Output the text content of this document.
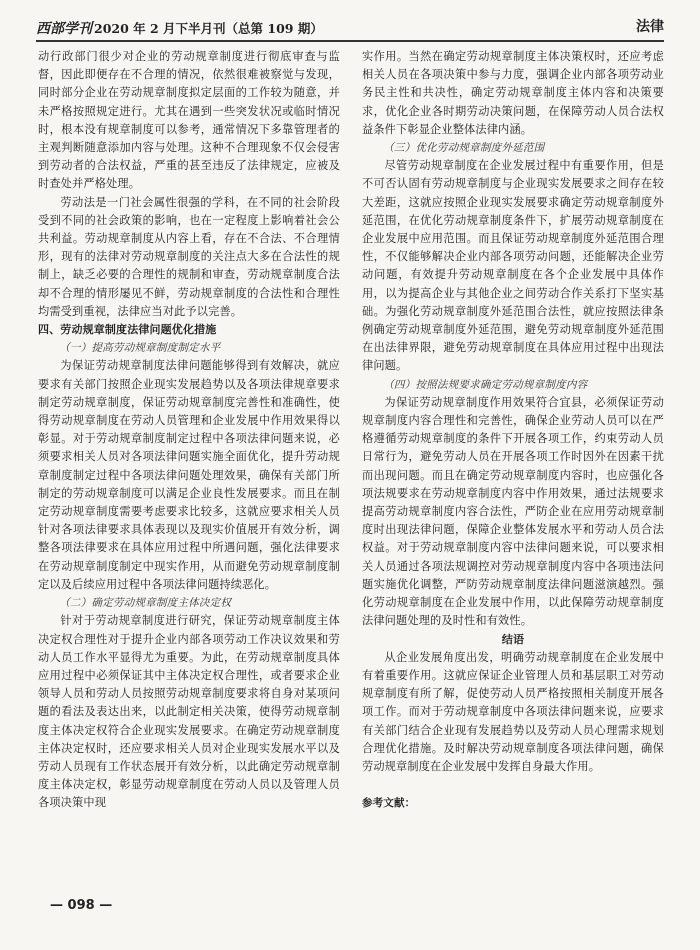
西部学刊 2020 年 2 月下半月刊（总第 109 期）	法律

动行政部门很少对企业的劳动规章制度进行彻底审查与监督，因此即便存在不合理的情况，依然很难被察觉与发现，同时部分企业在劳动规章制度拟定层面的工作较为随意，并未严格按照规定进行。尤其在遇到一些突发状况或临时情况时，根本没有规章制度可以参考，通常情况下多靠管理者的主观判断随意添加内容与处理。这种不合理现象不仅会侵害到劳动者的合法权益，严重的甚至违反了法律规定，应被及时查处并严格处理。

劳动法是一门社会属性很强的学科，在不同的社会阶段受到不同的社会政策的影响，也在一定程度上影响着社会公共利益。劳动规章制度从内容上看，存在不合法、不合理情形，现有的法律对劳动规章制度的关注点大多在合法性的规制上，缺乏必要的合理性的规制和审查，劳动规章制度合法却不合理的情形屡见不鲜，劳动规章制度的合法性和合理性均需受到重视，法律应当对此予以完善。

四、劳动规章制度法律问题优化措施
（一）提高劳动规章制度制定水平

为保证劳动规章制度法律问题能够得到有效解决，就应要求有关部门按照企业现实发展趋势以及各项法律规章要求制定劳动规章制度，保证劳动规章制度完善性和准确性，使得劳动规章制度在劳动人员管理和企业发展中作用效果得以彰显。对于劳动规章制度制定过程中各项法律问题来说，必须要求相关人员对各项法律问题实施全面优化，提升劳动规章制度制定过程中各项法律问题处理效果，确保有关部门所制定的劳动规章制度可以满足企业良性发展要求。而且在制定劳动规章制度需要考虑要求比较多，这就应要求相关人员针对各项法律要求具体表现以及现实价值展开有效分析，调整各项法律要求在具体应用过程中所遇问题，强化法律要求在劳动规章制度制定中现实作用，从而避免劳动规章制度制定以及后续应用过程中各项法律问题持续恶化。

（二）确定劳动规章制度主体决定权

针对于劳动规章制度进行研究，保证劳动规章制度主体决定权合理性对于提升企业内部各项劳动工作决议效果和劳动人员工作水平显得尤为重要。为此，在劳动规章制度具体应用过程中必须保证其中主体决定权合理性，或者要求企业领导人员和劳动人员按照劳动规章制度要求将自身对某项问题的看法及表达出来，以此制定相关决策，使得劳动规章制度主体决定权符合企业现实发展要求。在确定劳动规章制度主体决定权时，还应要求相关人员对企业现实发展水平以及劳动人员现有工作状态展开有效分析，以此确定劳动规章制度主体决定权，彰显劳动规章制度在劳动人员以及管理人员各项决策中现

实作用。当然在确定劳动规章制度主体决策权时，还应考虑相关人员在各项决策中参与力度，强调企业内部各项劳动业务民主性和共决性，确定劳动规章制度主体内容和决策要求，优化企业各时期劳动决策问题，在保障劳动人员合法权益条件下彰显企业整体法律内涵。

（三）优化劳动规章制度外延范围

尽管劳动规章制度在企业发展过程中有重要作用，但是不可否认固有劳动规章制度与企业现实发展要求之间存在较大差距，这就应按照企业现实发展要求确定劳动规章制度外延范围，在优化劳动规章制度条件下，扩展劳动规章制度在企业发展中应用范围。而且保证劳动规章制度外延范围合理性，不仅能够解决企业内部各项劳动问题，还能解决企业劳动问题，有效提升劳动规章制度在各个企业发展中具体作用，以为提高企业与其他企业之间劳动合作关系打下坚实基础。为强化劳动规章制度外延范围合法性，就应按照法律条例确定劳动规章制度外延范围，避免劳动规章制度外延范围在出法律界限，避免劳动规章制度在具体应用过程中出现法律问题。

（四）按照法规要求确定劳动规章制度内容

为保证劳动规章制度作用效果符合宜县，必须保证劳动规章制度内容合理性和完善性，确保企业劳动人员可以在严格遵循劳动规章制度的条件下开展各项工作，约束劳动人员日常行为，避免劳动人员在开展各项工作时因外在因素干扰而出现问题。而且在确定劳动规章制度内容时，也应强化各项法规要求在劳动规章制度内容中作用效果，通过法规要求提高劳动规章制度内容合法性，严防企业在应用劳动规章制度时出现法律问题，保障企业整体发展水平和劳动人员合法权益。对于劳动规章制度内容中法律问题来说，可以要求相关人员通过各项法规调控对劳动规章制度内容中各项违法问题实施优化调整，严防劳动规章制度法律问题滋演越烈。强化劳动规章制度在企业发展中作用，以此保障劳动规章制度法律问题处理的及时性和有效性。

结语

从企业发展角度出发，明确劳动规章制度在企业发展中有着重要作用。这就应保证企业管理人员和基层职工对劳动规章制度有所了解，促使劳动人员严格按照相关制度开展各项工作。而对于劳动规章制度中各项法律问题来说，应要求有关部门结合企业现有发展趋势以及劳动人员心理需求规划合理优化措施。及时解决劳动规章制度各项法律问题，确保劳动规章制度在企业发展中发挥自身最大作用。

参考文献：
— 098 —
